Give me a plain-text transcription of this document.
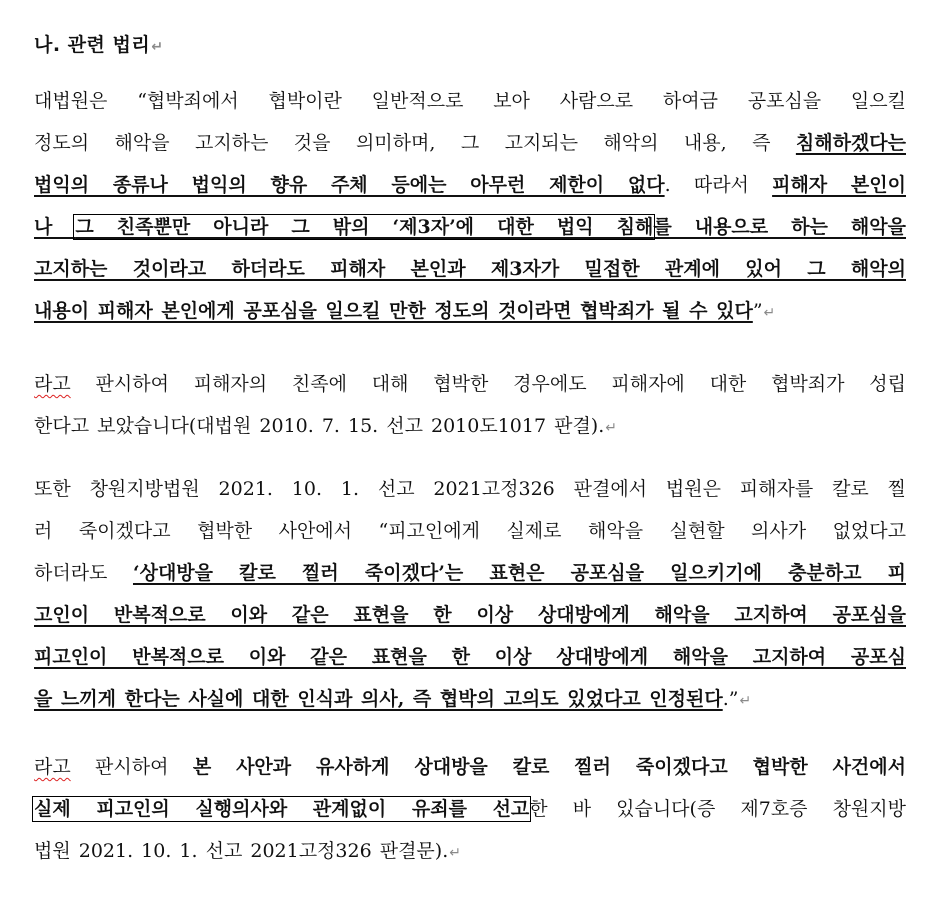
나. 관련 법리↵
대법원은 “협박죄에서 협박이란 일반적으로 보아 사람으로 하여금 공포심을 일으킬
정도의 해악을 고지하는 것을 의미하며, 그 고지되는 해악의 내용, 즉 침해하겠다는
법익의 종류나 법익의 향유 주체 등에는 아무런 제한이 없다. 따라서 피해자 본인이
나 그 친족뿐만 아니라 그 밖의 ‘제3자’에 대한 법익 침해를 내용으로 하는 해악을
고지하는 것이라고 하더라도 피해자 본인과 제3자가 밀접한 관계에 있어 그 해악의
내용이 피해자 본인에게 공포심을 일으킬 만한 정도의 것이라면 협박죄가 될 수 있다”↵
라고 판시하여 피해자의 친족에 대해 협박한 경우에도 피해자에 대한 협박죄가 성립
한다고 보았습니다(대법원 2010. 7. 15. 선고 2010도1017 판결).↵
또한 창원지방법원 2021. 10. 1. 선고 2021고정326 판결에서 법원은 피해자를 칼로 찔
러 죽이겠다고 협박한 사안에서 “피고인에게 실제로 해악을 실현할 의사가 없었다고
하더라도 ‘상대방을 칼로 찔러 죽이겠다’는 표현은 공포심을 일으키기에 충분하고 피
고인이 반복적으로 이와 같은 표현을 한 이상 상대방에게 해악을 고지하여 공포심을
피고인이 반복적으로 이와 같은 표현을 한 이상 상대방에게 해악을 고지하여 공포심
을 느끼게 한다는 사실에 대한 인식과 의사, 즉 협박의 고의도 있었다고 인정된다.”↵
라고 판시하여 본 사안과 유사하게 상대방을 칼로 찔러 죽이겠다고 협박한 사건에서
실제 피고인의 실행의사와 관계없이 유죄를 선고한 바 있습니다(증 제7호증 창원지방
법원 2021. 10. 1. 선고 2021고정326 판결문).↵
